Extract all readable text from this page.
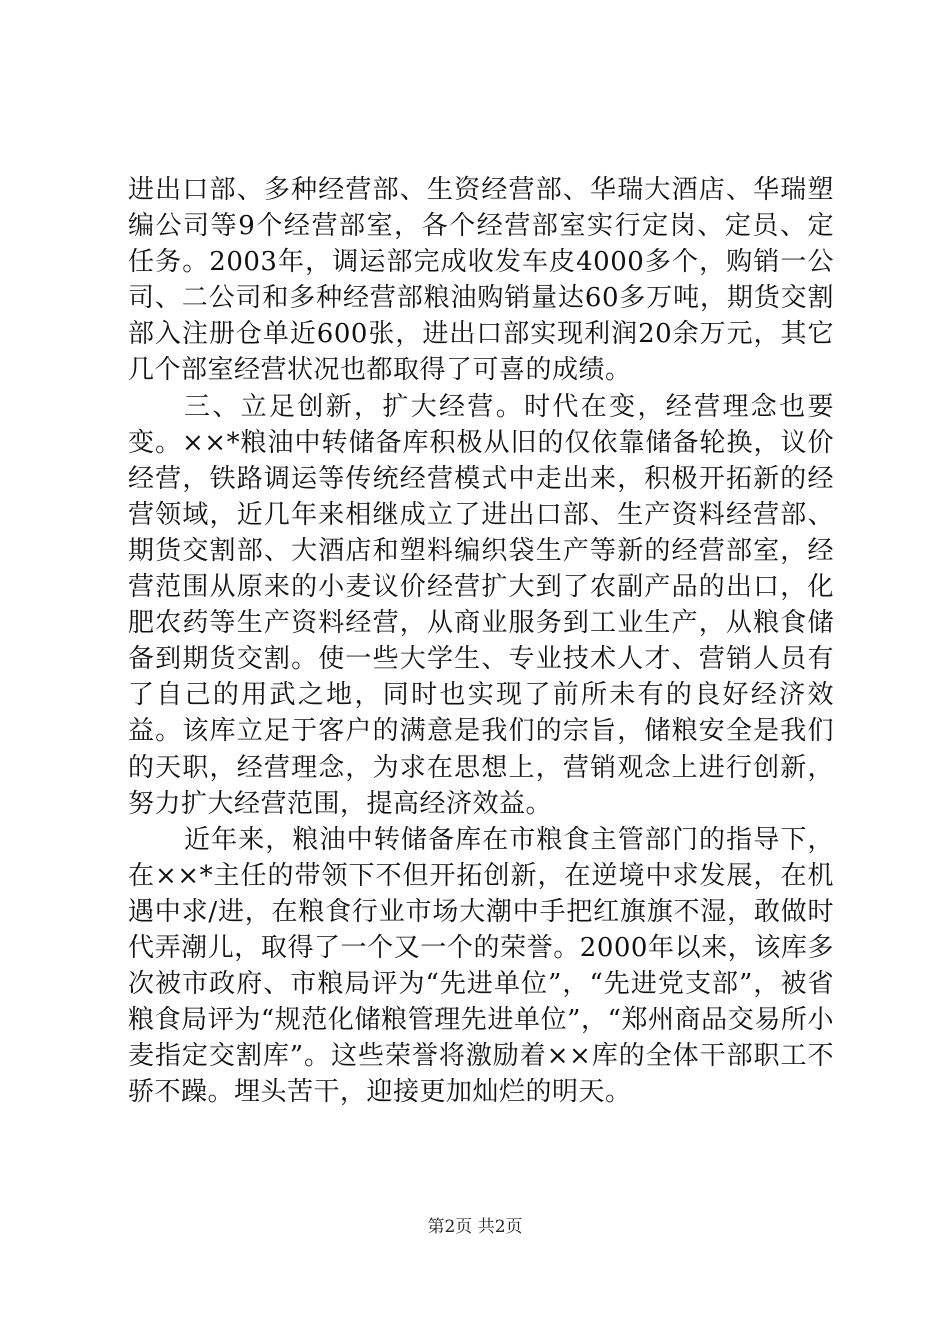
进出口部、多种经营部、生资经营部、华瑞大酒店、华瑞塑编公司等9个经营部室，各个经营部室实行定岗、定员、定任务。2003年，调运部完成收发车皮4000多个，购销一公司、二公司和多种经营部粮油购销量达60多万吨，期货交割部入注册仓单近600张，进出口部实现利润20余万元，其它几个部室经营状况也都取得了可喜的成绩。

三、立足创新，扩大经营。时代在变，经营理念也要变。××*粮油中转储备库积极从旧的仅依靠储备轮换，议价经营，铁路调运等传统经营模式中走出来，积极开拓新的经营领域，近几年来相继成立了进出口部、生产资料经营部、期货交割部、大酒店和塑料编织袋生产等新的经营部室，经营范围从原来的小麦议价经营扩大到了农副产品的出口，化肥农药等生产资料经营，从商业服务到工业生产，从粮食储备到期货交割。使一些大学生、专业技术人才、营销人员有了自己的用武之地，同时也实现了前所未有的良好经济效益。该库立足于客户的满意是我们的宗旨，储粮安全是我们的天职，经营理念，为求在思想上，营销观念上进行创新，努力扩大经营范围，提高经济效益。

近年来，粮油中转储备库在市粮食主管部门的指导下，在××*主任的带领下不但开拓创新，在逆境中求发展，在机遇中求/进，在粮食行业市场大潮中手把红旗旗不湿，敢做时代弄潮儿，取得了一个又一个的荣誉。2000年以来，该库多次被市政府、市粮局评为“先进单位”，“先进党支部”，被省粮食局评为“规范化储粮管理先进单位”，“郑州商品交易所小麦指定交割库”。这些荣誉将激励着××库的全体干部职工不骄不躁。埋头苦干，迎接更加灿烂的明天。

第2页 共2页
